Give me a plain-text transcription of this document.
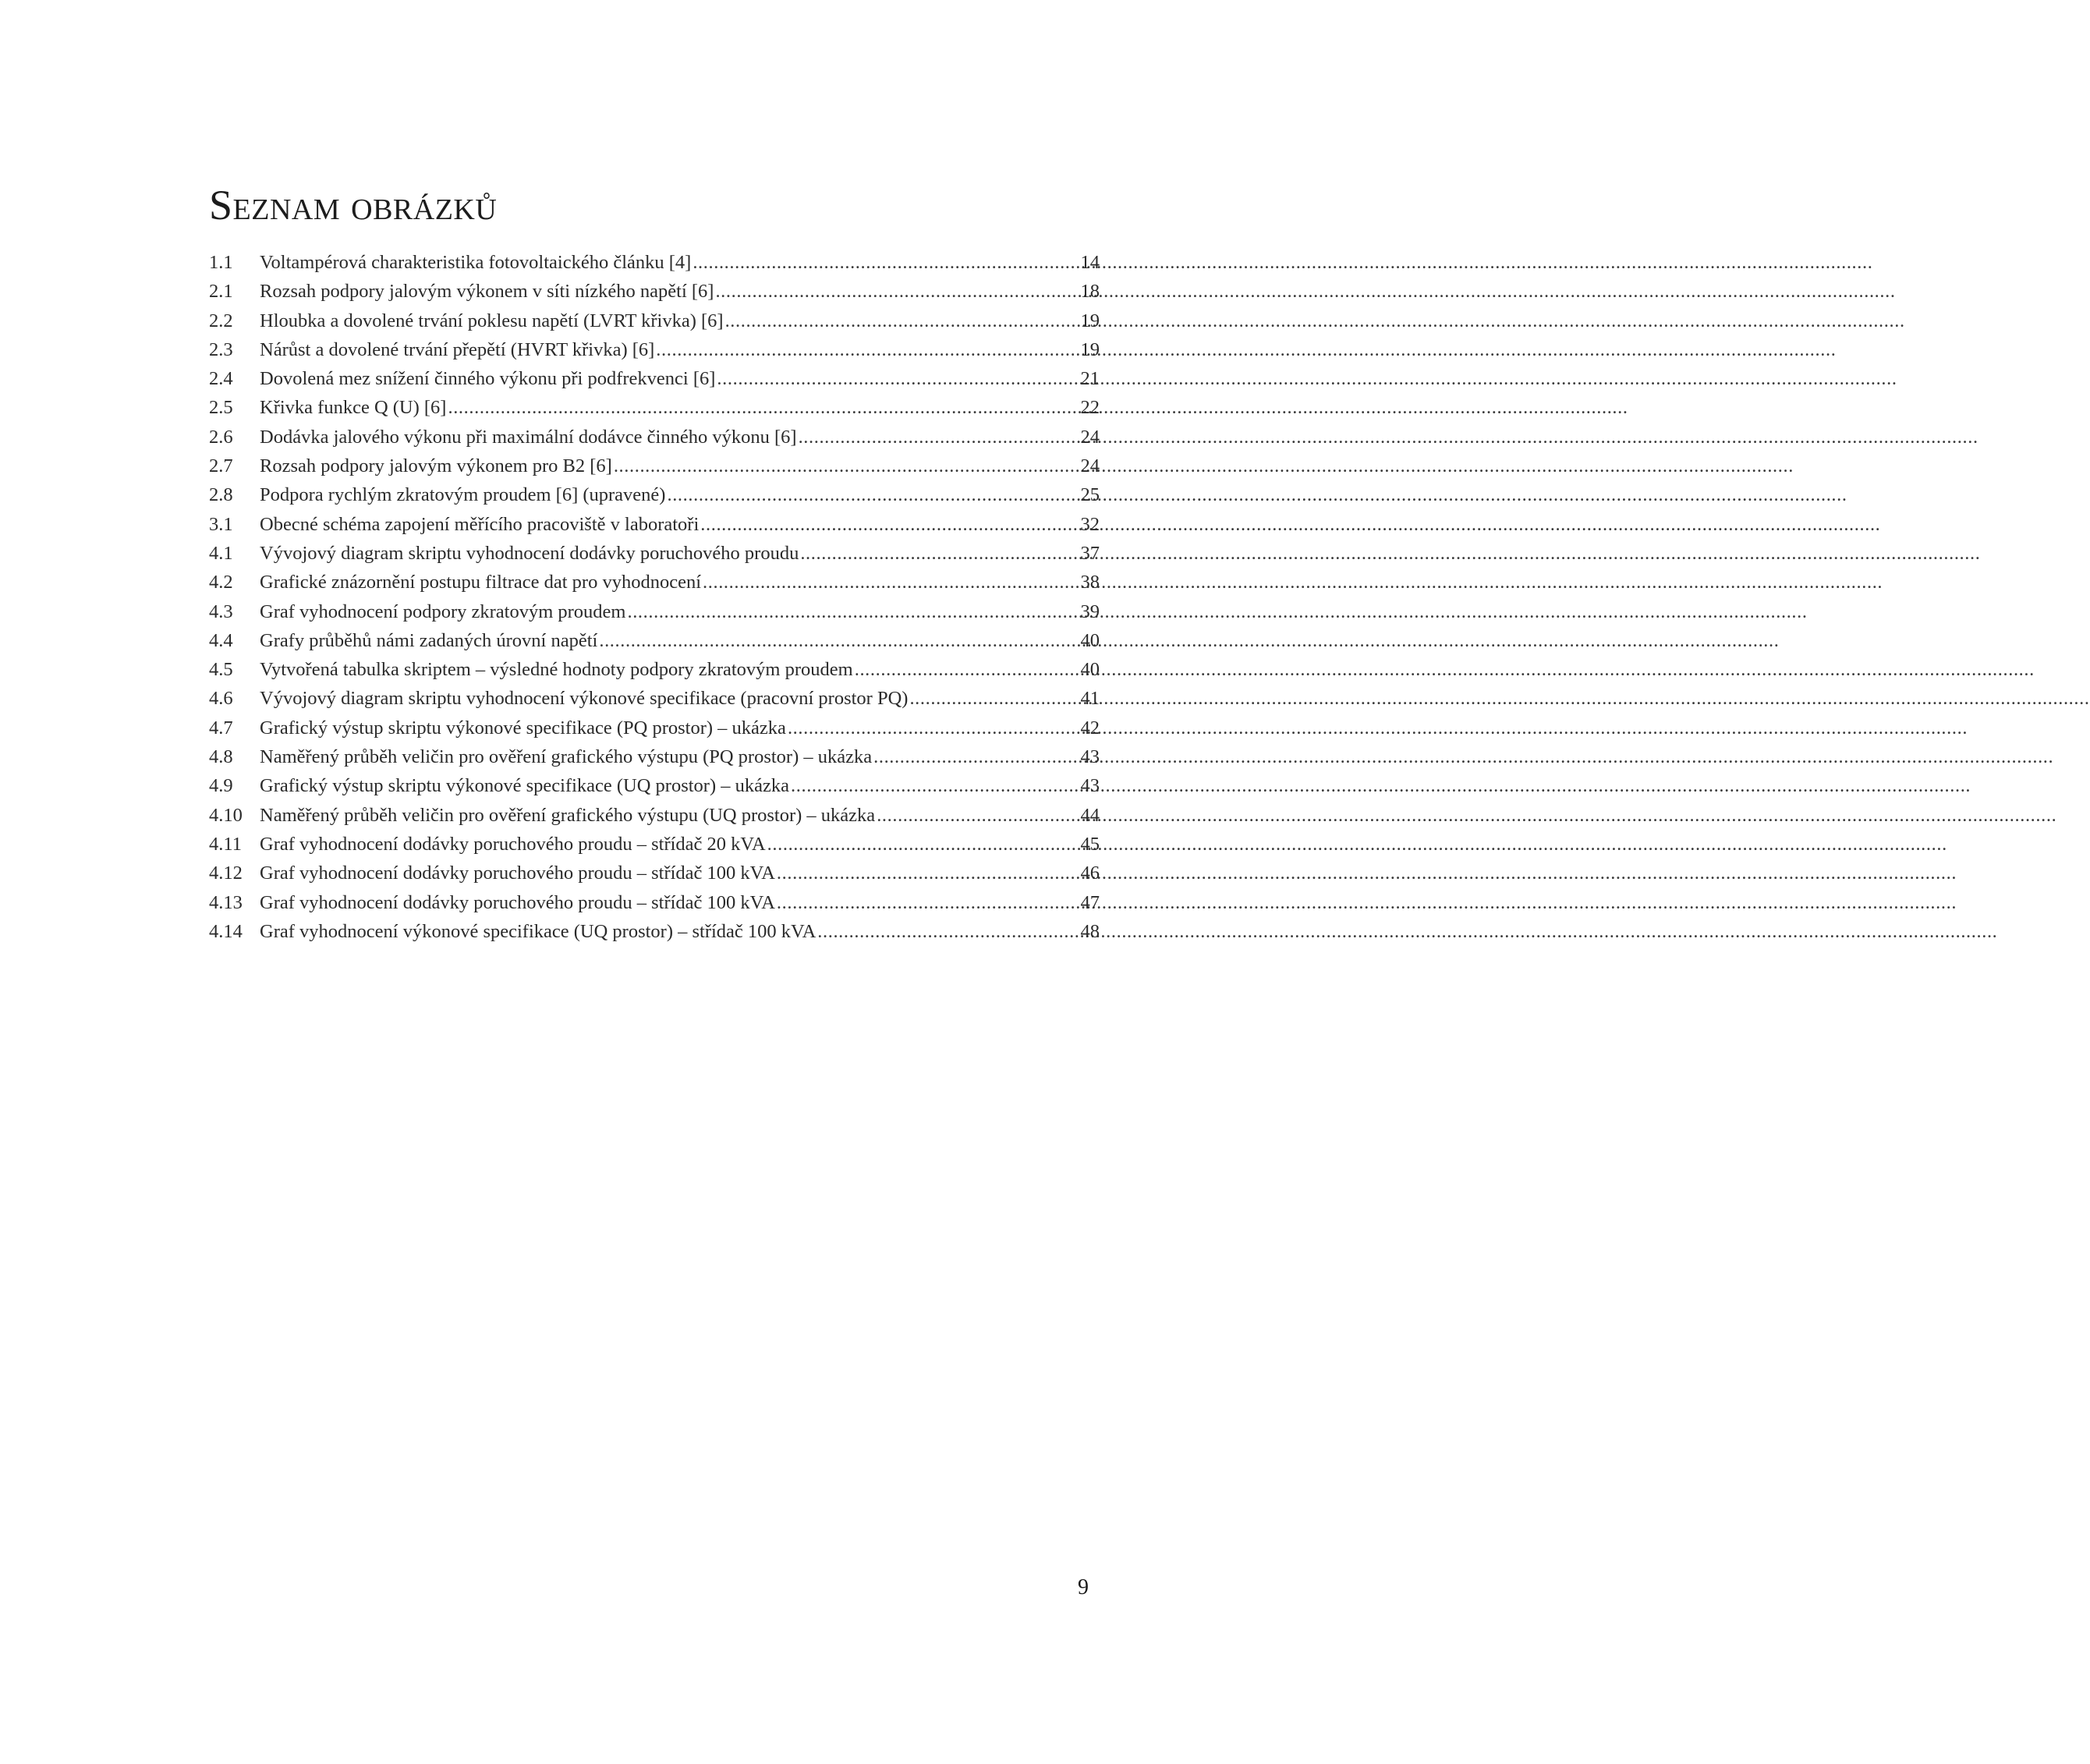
Seznam obrázků
1.1	Voltampérová charakteristika fotovoltaického článku [4] .....	14
2.1	Rozsah podpory jalovým výkonem v síti nízkého napětí [6] .....	18
2.2	Hloubka a dovolené trvání poklesu napětí (LVRT křivka) [6] .....	19
2.3	Nárůst a dovolené trvání přepětí (HVRT křivka) [6] .....	19
2.4	Dovolená mez snížení činného výkonu při podfrekvenci [6] .....	21
2.5	Křivka funkce Q (U) [6] .....	22
2.6	Dodávka jalového výkonu při maximální dodávce činného výkonu [6] .....	24
2.7	Rozsah podpory jalovým výkonem pro B2 [6] .....	24
2.8	Podpora rychlým zkratovým proudem [6] (upravené) .....	25
3.1	Obecné schéma zapojení měřícího pracoviště v laboratoři .....	32
4.1	Vývojový diagram skriptu vyhodnocení dodávky poruchového proudu .....	37
4.2	Grafické znázornění postupu filtrace dat pro vyhodnocení .....	38
4.3	Graf vyhodnocení podpory zkratovým proudem .....	39
4.4	Grafy průběhů námi zadaných úrovní napětí .....	40
4.5	Vytvořená tabulka skriptem – výsledné hodnoty podpory zkratovým proudem .....	40
4.6	Vývojový diagram skriptu vyhodnocení výkonové specifikace (pracovní prostor PQ) .....	41
4.7	Grafický výstup skriptu výkonové specifikace (PQ prostor) – ukázka .....	42
4.8	Naměřený průběh veličin pro ověření grafického výstupu (PQ prostor) – ukázka .....	43
4.9	Grafický výstup skriptu výkonové specifikace (UQ prostor) – ukázka .....	43
4.10 Naměřený průběh veličin pro ověření grafického výstupu (UQ prostor) – ukázka .....	44
4.11 Graf vyhodnocení dodávky poruchového proudu – střídač 20 kVA .....	45
4.12 Graf vyhodnocení dodávky poruchového proudu – střídač 100 kVA .....	46
4.13 Graf vyhodnocení dodávky poruchového proudu – střídač 100 kVA .....	47
4.14 Graf vyhodnocení výkonové specifikace (UQ prostor) – střídač 100 kVA .....	48
9
